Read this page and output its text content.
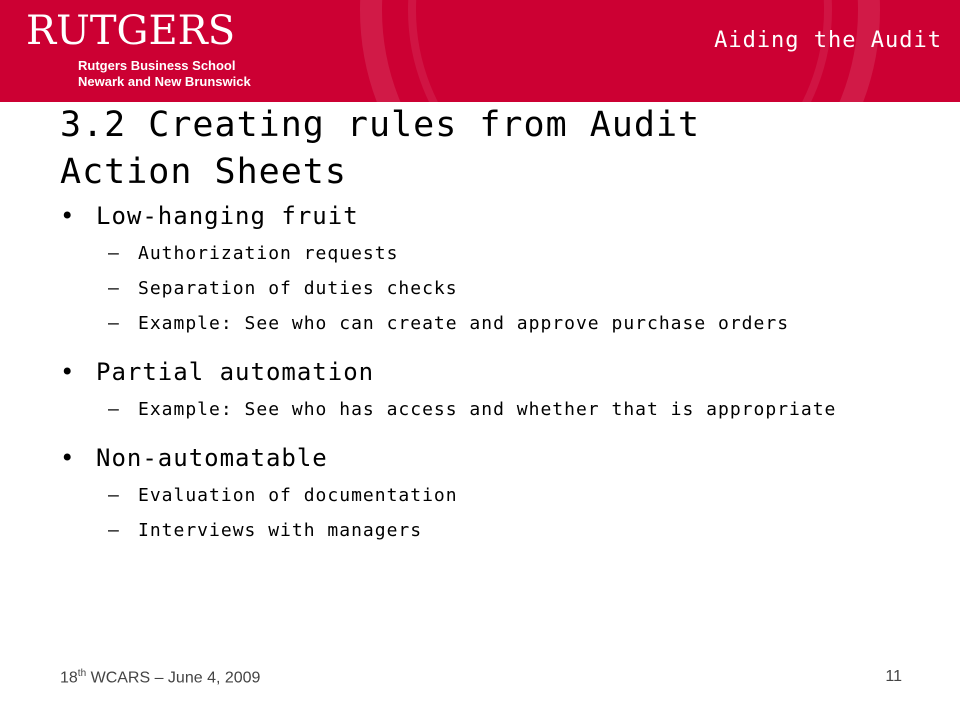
RUTGERS
Rutgers Business School
Newark and New Brunswick
Aiding the Audit
3.2 Creating rules from Audit
Action Sheets
• Low-hanging fruit
– Authorization requests
– Separation of duties checks
– Example: See who can create and approve purchase orders
• Partial automation
– Example: See who has access and whether that is appropriate
• Non-automatable
– Evaluation of documentation
– Interviews with managers
18th WCARS – June 4, 2009	11
